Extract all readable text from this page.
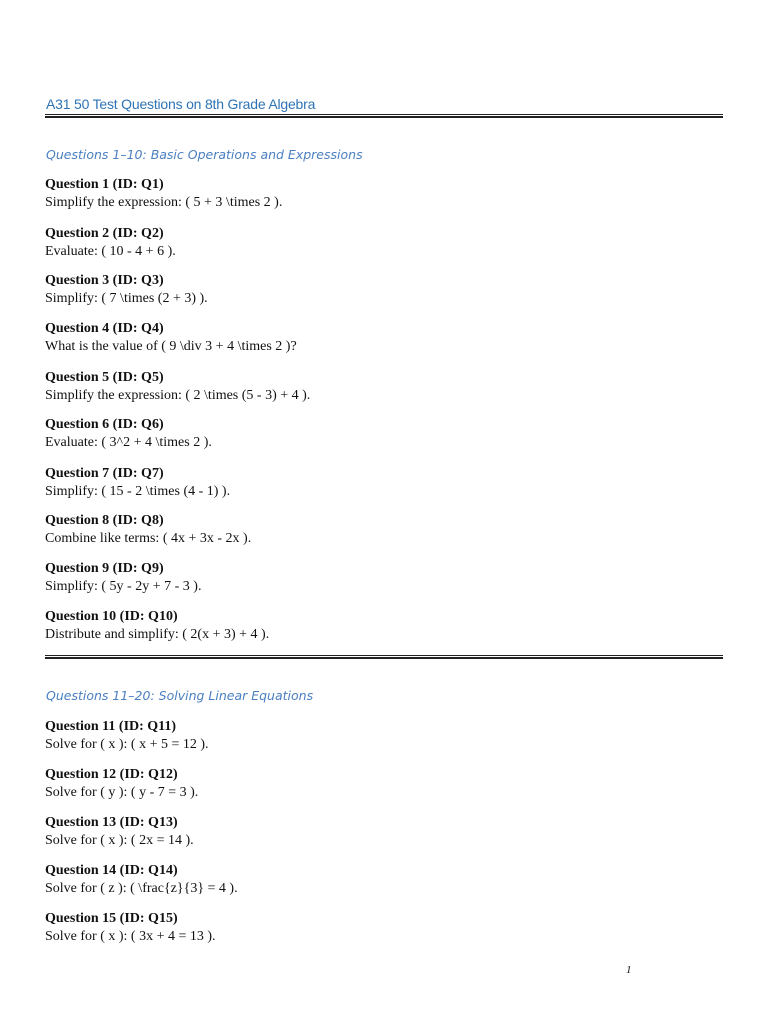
A31 50 Test Questions on 8th Grade Algebra
Questions 1–10: Basic Operations and Expressions
Question 1 (ID: Q1)
Simplify the expression: ( 5 + 3 \times 2 ).
Question 2 (ID: Q2)
Evaluate: ( 10 - 4 + 6 ).
Question 3 (ID: Q3)
Simplify: ( 7 \times (2 + 3) ).
Question 4 (ID: Q4)
What is the value of ( 9 \div 3 + 4 \times 2 )?
Question 5 (ID: Q5)
Simplify the expression: ( 2 \times (5 - 3) + 4 ).
Question 6 (ID: Q6)
Evaluate: ( 3^2 + 4 \times 2 ).
Question 7 (ID: Q7)
Simplify: ( 15 - 2 \times (4 - 1) ).
Question 8 (ID: Q8)
Combine like terms: ( 4x + 3x - 2x ).
Question 9 (ID: Q9)
Simplify: ( 5y - 2y + 7 - 3 ).
Question 10 (ID: Q10)
Distribute and simplify: ( 2(x + 3) + 4 ).
Questions 11–20: Solving Linear Equations
Question 11 (ID: Q11)
Solve for ( x ): ( x + 5 = 12 ).
Question 12 (ID: Q12)
Solve for ( y ): ( y - 7 = 3 ).
Question 13 (ID: Q13)
Solve for ( x ): ( 2x = 14 ).
Question 14 (ID: Q14)
Solve for ( z ): ( \frac{z}{3} = 4 ).
Question 15 (ID: Q15)
Solve for ( x ): ( 3x + 4 = 13 ).
1
